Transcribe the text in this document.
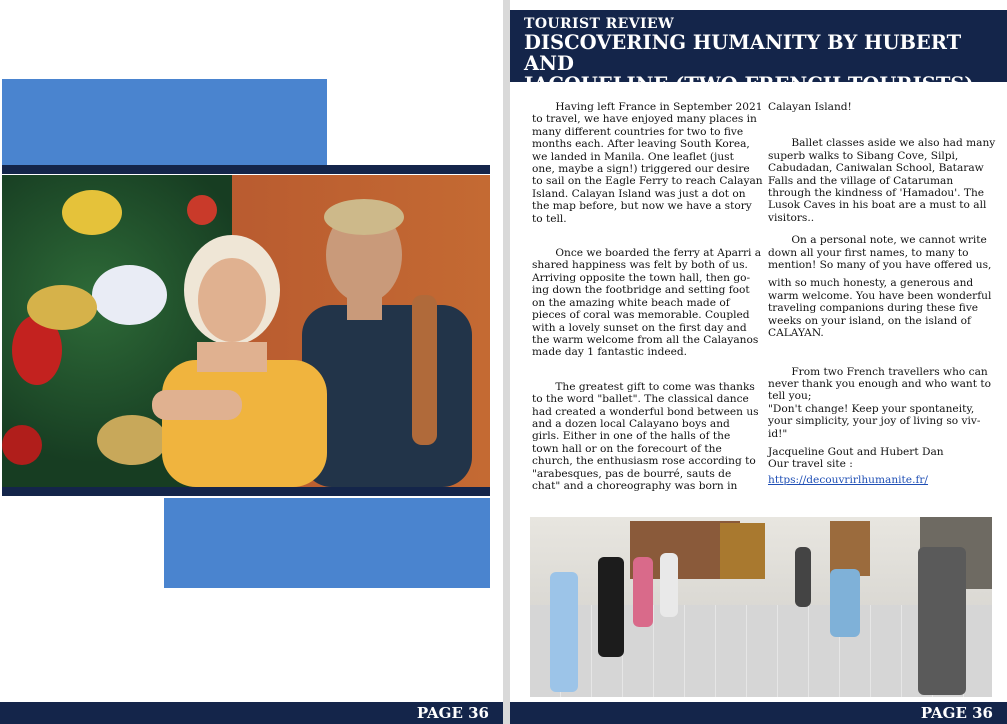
PAGE 36
TOURIST REVIEW
DISCOVERING HUMANITY BY HUBERT AND
JACQUELINE (TWO FRENCH TOURISTS)

Having left France in September 2021
to travel, we have enjoyed many places in
many different countries for two to five
months each. After leaving South Korea,
we landed in Manila. One leaflet (just
one, maybe a sign!) triggered our desire
to sail on the Eagle Ferry to reach Calayan
Island. Calayan Island was just a dot on
the map before, but now we have a story
to tell.

Once we boarded the ferry at Aparri a
shared happiness was felt by both of us.
Arriving opposite the town hall, then go-
ing down the footbridge and setting foot
on the amazing white beach made of
pieces of coral was memorable. Coupled
with a lovely sunset on the first day and
the warm welcome from all the Calayanos
made day 1 fantastic indeed.

The greatest gift to come was thanks
to the word "ballet". The classical dance
had created a wonderful bond between us
and a dozen local Calayano boys and
girls. Either in one of the halls of the
town hall or on the forecourt of the
church, the enthusiasm rose according to
"arabesques, pas de bourré, sauts de
chat" and a choreography was born in

Calayan Island!

Ballet classes aside we also had many
superb walks to Sibang Cove, Silpi,
Cabudadan, Caniwalan School, Bataraw
Falls and the village of Cataruman
through the kindness of 'Hamadou'. The
Lusok Caves in his boat are a must to all
visitors..

On a personal note, we cannot write
down all your first names, to many to
mention! So many of you have offered us,

with so much honesty, a generous and
warm welcome. You have been wonderful
traveling companions during these five
weeks on your island, on the island of
CALAYAN.

From two French travellers who can
never thank you enough and who want to
tell you;
"Don't change! Keep your spontaneity,
your simplicity, your joy of living so viv-
id!"

Jacqueline Gout and Hubert Dan

Our travel site :

https://decouvrirlhumanite.fr/

PAGE 36
